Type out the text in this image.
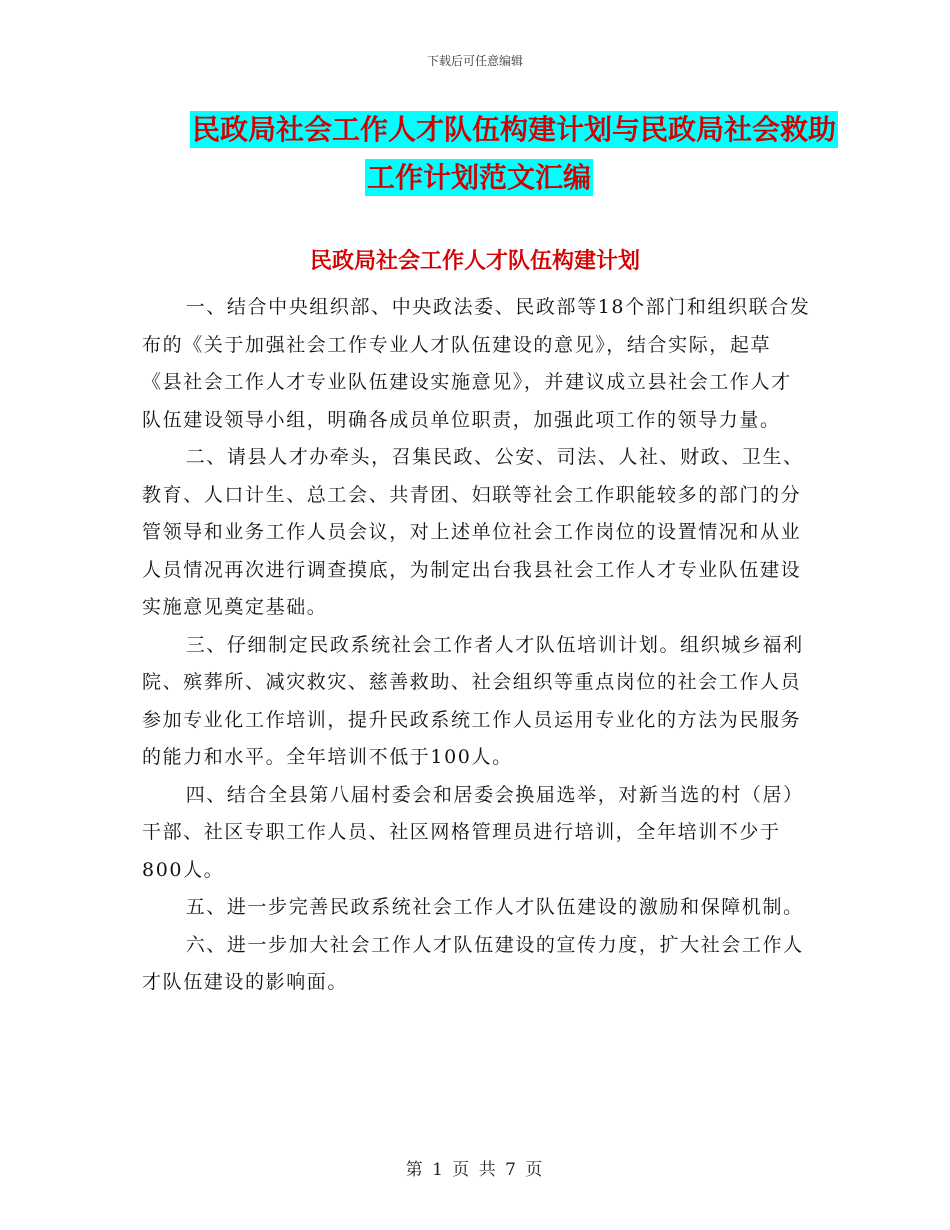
下载后可任意编辑
民政局社会工作人才队伍构建计划与民政局社会救助
工作计划范文汇编
民政局社会工作人才队伍构建计划

一、结合中央组织部、中央政法委、民政部等18个部门和组织联合发布的《关于加强社会工作专业人才队伍建设的意见》，结合实际，起草《县社会工作人才专业队伍建设实施意见》，并建议成立县社会工作人才队伍建设领导小组，明确各成员单位职责，加强此项工作的领导力量。

二、请县人才办牵头，召集民政、公安、司法、人社、财政、卫生、教育、人口计生、总工会、共青团、妇联等社会工作职能较多的部门的分管领导和业务工作人员会议，对上述单位社会工作岗位的设置情况和从业人员情况再次进行调查摸底，为制定出台我县社会工作人才专业队伍建设实施意见奠定基础。

三、仔细制定民政系统社会工作者人才队伍培训计划。组织城乡福利院、殡葬所、减灾救灾、慈善救助、社会组织等重点岗位的社会工作人员参加专业化工作培训，提升民政系统工作人员运用专业化的方法为民服务的能力和水平。全年培训不低于100人。

四、结合全县第八届村委会和居委会换届选举，对新当选的村（居）干部、社区专职工作人员、社区网格管理员进行培训，全年培训不少于800人。

五、进一步完善民政系统社会工作人才队伍建设的激励和保障机制。

六、进一步加大社会工作人才队伍建设的宣传力度，扩大社会工作人才队伍建设的影响面。

第 1 页 共 7 页
